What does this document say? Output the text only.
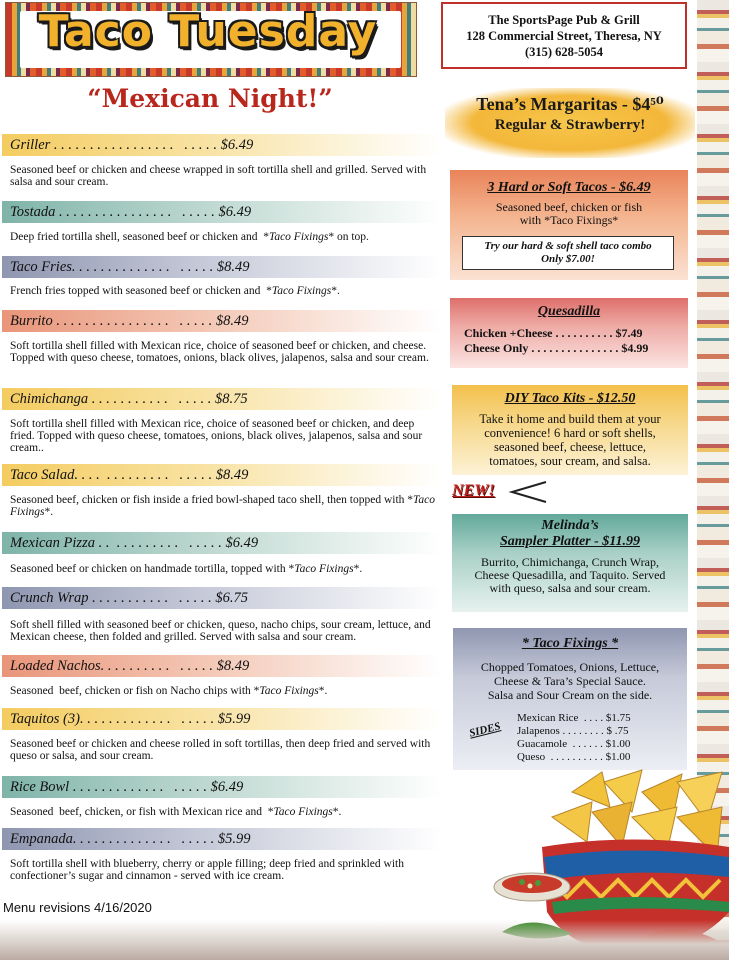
Taco Tuesday
“Mexican Night!”
The SportsPage Pub & Grill
128 Commercial Street, Theresa, NY
(315) 628-5054
Tena’s Margaritas - $4⁵⁰
Regular & Strawberry!
Griller . . . . . . . . . . . . . . . . .   . . . . . $6.49
Seasoned beef or chicken and cheese wrapped in soft tortilla shell and grilled. Served with salsa and sour cream.
Tostada . . . . . . . . . . . . . . . .   . . . . . $6.49
Deep fried tortilla shell, seasoned beef or chicken and  *Taco Fixings* on top.
Taco Fries. . . . . . . . . . . . . .   . . . . . $8.49
French fries topped with seasoned beef or chicken and  *Taco Fixings*.
Burrito . . . . . . . . . . . . . . . .   . . . . . $8.49
Soft tortilla shell filled with Mexican rice, choice of seasoned beef or chicken, and cheese. Topped with queso cheese, tomatoes, onions, black olives, jalapenos, salsa and sour cream.
Chimichanga . . . . . . . . . . .   . . . . . $8.75
Soft tortilla shell filled with Mexican rice, choice of seasoned beef or chicken, and deep fried. Topped with queso cheese, tomatoes, onions, black olives, jalapenos, salsa and sour cream..
Taco Salad. . . .  . . . . . . . . .   . . . . . $8.49
Seasoned beef, chicken or fish inside a fried bowl-shaped taco shell, then topped with *Taco Fixings*.
Mexican Pizza . .  . . . . . . . . .   . . . . . $6.49
Seasoned beef or chicken on handmade tortilla, topped with *Taco Fixings*.
Crunch Wrap . . . . . . . . . . .   . . . . . $6.75
Soft shell filled with seasoned beef or chicken, queso, nacho chips, sour cream, lettuce, and Mexican cheese, then folded and grilled. Served with salsa and sour cream.
Loaded Nachos. . . . . . . . . .   . . . . . $8.49
Seasoned  beef, chicken or fish on Nacho chips with *Taco Fixings*.
Taquitos (3). . . . . . . . . . . . .   . . . . . $5.99
Seasoned beef or chicken and cheese rolled in soft tortillas, then deep fried and served with queso or salsa, and sour cream.
Rice Bowl . . . . . . . . . . . . .   . . . . . $6.49
Seasoned  beef, chicken, or fish with Mexican rice and  *Taco Fixings*.
Empanada. . . . . . . . . . . . . .   . . . . . $5.99
Soft tortilla shell with blueberry, cherry or apple filling; deep fried and sprinkled with confectioner’s sugar and cinnamon - served with ice cream.
3 Hard or Soft Tacos - $6.49
Seasoned beef, chicken or fish
with *Taco Fixings*
Try our hard & soft shell taco combo
Only $7.00!
Quesadilla
Chicken +Cheese . . . . . . . . . . $7.49
Cheese Only . . . . . . . . . . . . . . . $4.99
DIY Taco Kits - $12.50
Take it home and build them at your
convenience! 6 hard or soft shells,
seasoned beef, cheese, lettuce,
tomatoes, sour cream, and salsa.
NEW!
Melinda’s
Sampler Platter - $11.99
Burrito, Chimichanga, Crunch Wrap,
Cheese Quesadilla, and Taquito. Served
with queso, salsa and sour cream.
* Taco Fixings *
Chopped Tomatoes, Onions, Lettuce,
Cheese & Tara’s Special Sauce.
Salsa and Sour Cream on the side.
SIDES
Mexican Rice  . . . . $1.75
Jalapenos . . . . . . . . $ .75
Guacamole  . . . . . . $1.00
Queso  . . . . . . . . . . $1.00
Menu revisions 4/16/2020
